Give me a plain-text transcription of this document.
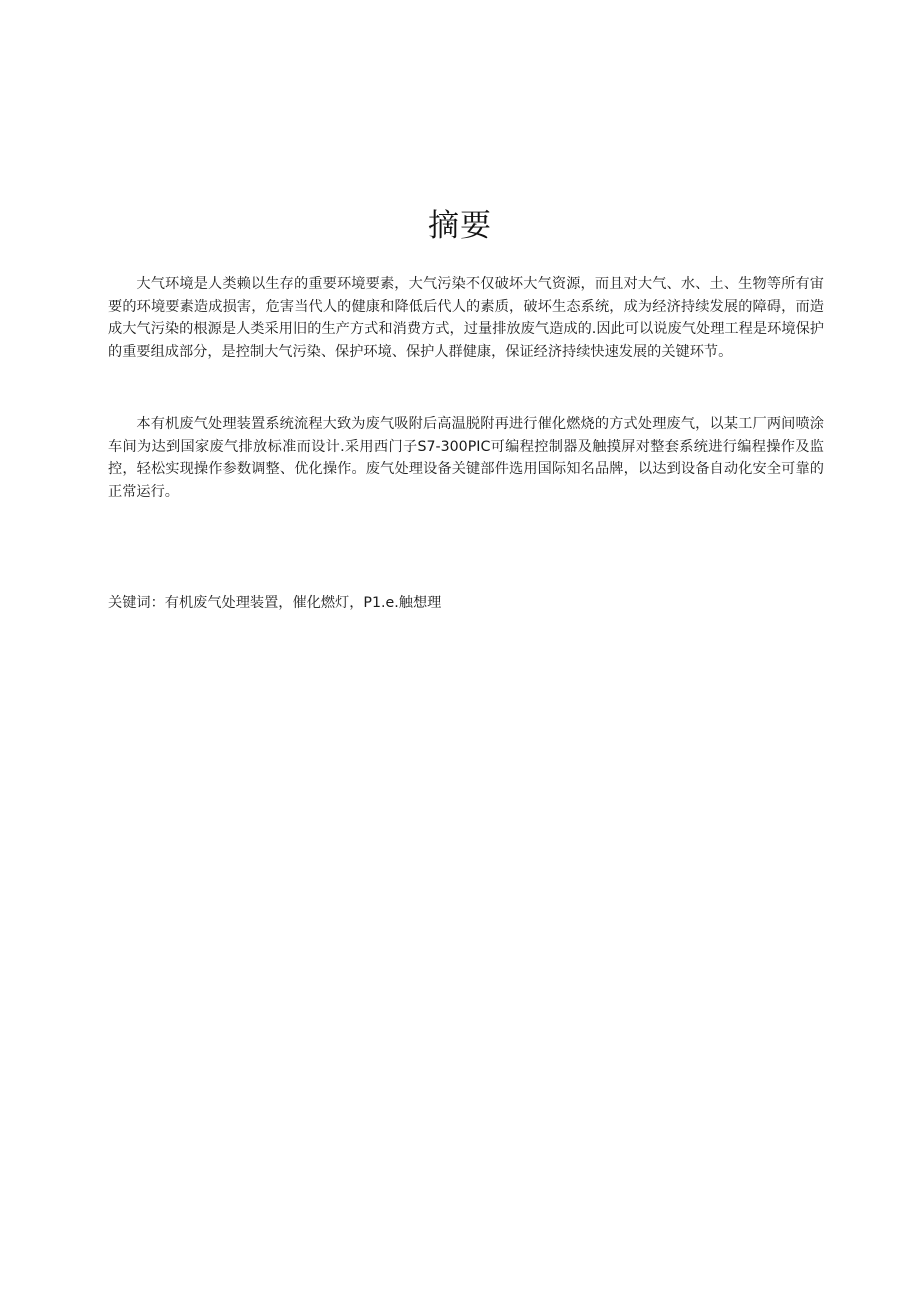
摘要

大气环境是人类赖以生存的重要环境要素，大气污染不仅破坏大气资源，而且对大气、水、土、生物等所有宙要的环境要素造成损害，危害当代人的健康和降低后代人的素质，破坏生态系统，成为经济持续发展的障碍，而造成大气污染的根源是人类采用旧的生产方式和消费方式，过量排放废气造成的.因此可以说废气处理工程是环境保护的重要组成部分，是控制大气污染、保护环境、保护人群健康，保证经济持续快速发展的关键环节。

本有机废气处理装置系统流程大致为废气吸附后高温脱附再进行催化燃烧的方式处理废气，以某工厂两间喷涂车间为达到国家废气排放标准而设计.采用西门子S7-300PIC可编程控制器及触摸屏对整套系统进行编程操作及监控，轻松实现操作参数调整、优化操作。废气处理设备关键部件选用国际知名品牌，以达到设备自动化安全可靠的正常运行。

关键词：有机废气处理装置，催化燃灯，P1.e.触想理
